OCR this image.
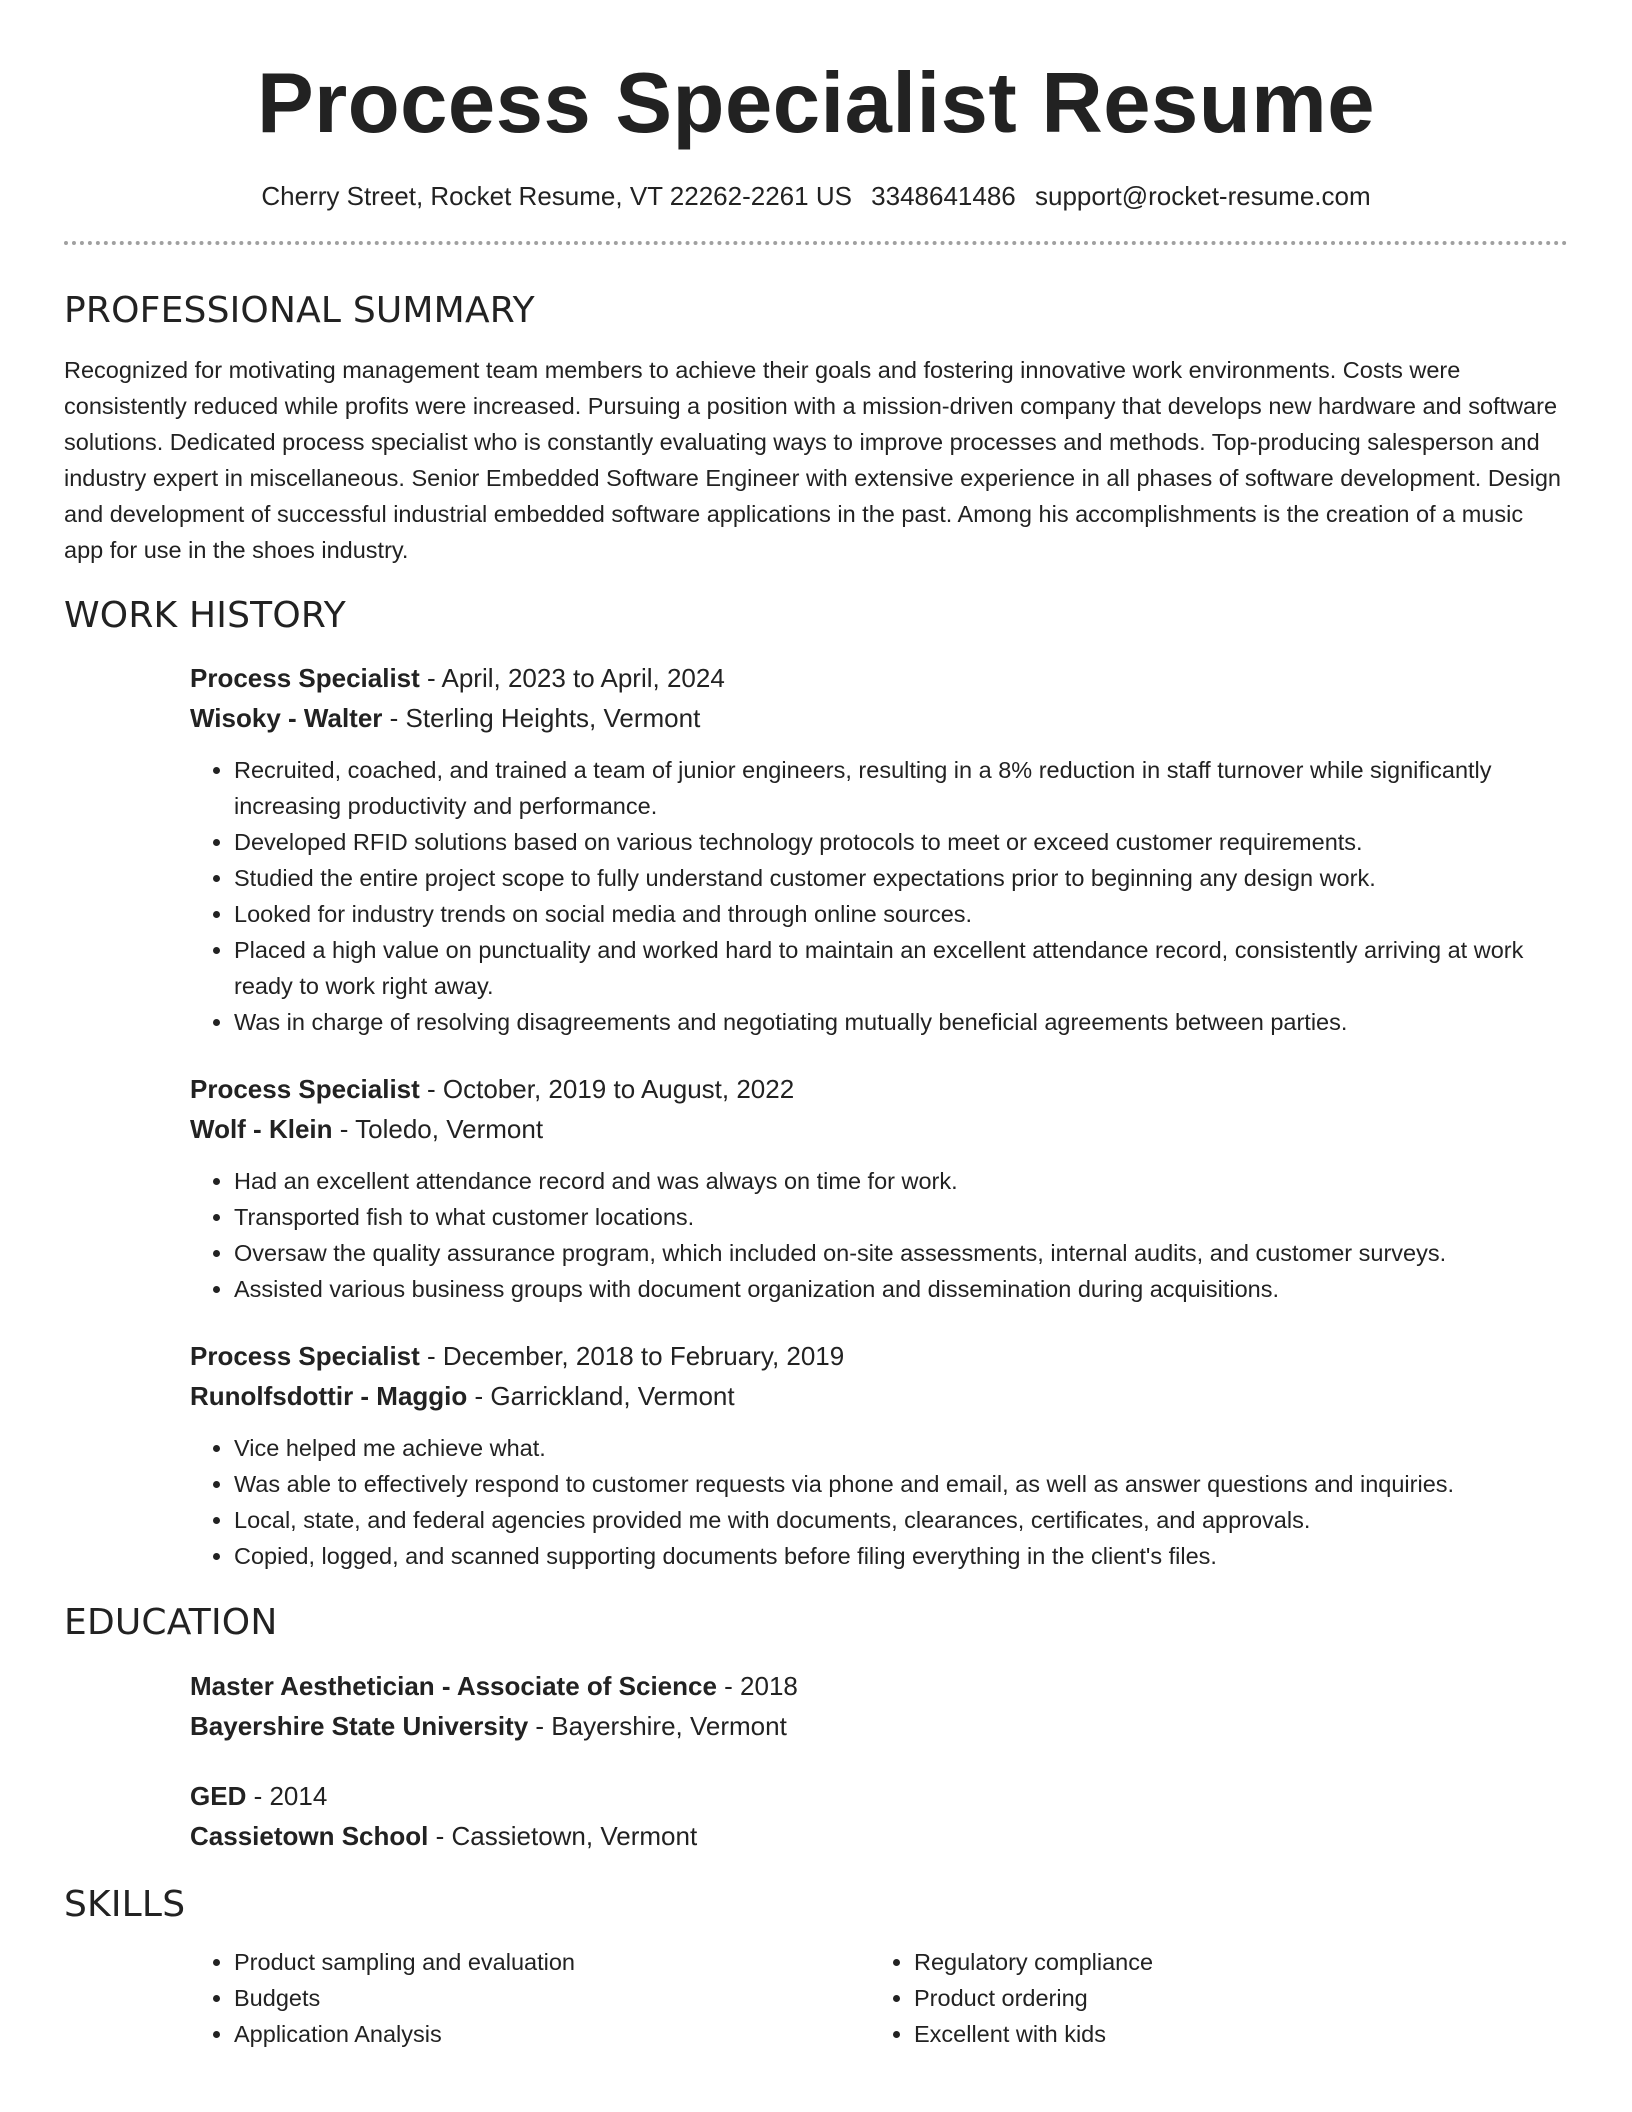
Process Specialist Resume
Cherry Street, Rocket Resume, VT 22262-2261 US 3348641486 support@rocket-resume.com
PROFESSIONAL SUMMARY

Recognized for motivating management team members to achieve their goals and fostering innovative work environments. Costs were consistently reduced while profits were increased. Pursuing a position with a mission-driven company that develops new hardware and software solutions. Dedicated process specialist who is constantly evaluating ways to improve processes and methods. Top-producing salesperson and industry expert in miscellaneous. Senior Embedded Software Engineer with extensive experience in all phases of software development. Design and development of successful industrial embedded software applications in the past. Among his accomplishments is the creation of a music app for use in the shoes industry.

WORK HISTORY
Process Specialist - April, 2023 to April, 2024
Wisoky - Walter - Sterling Heights, Vermont
• Recruited, coached, and trained a team of junior engineers, resulting in a 8% reduction in staff turnover while significantly increasing productivity and performance.
• Developed RFID solutions based on various technology protocols to meet or exceed customer requirements.
• Studied the entire project scope to fully understand customer expectations prior to beginning any design work.
• Looked for industry trends on social media and through online sources.
• Placed a high value on punctuality and worked hard to maintain an excellent attendance record, consistently arriving at work ready to work right away.
• Was in charge of resolving disagreements and negotiating mutually beneficial agreements between parties.
Process Specialist - October, 2019 to August, 2022
Wolf - Klein - Toledo, Vermont
• Had an excellent attendance record and was always on time for work.
• Transported fish to what customer locations.
• Oversaw the quality assurance program, which included on-site assessments, internal audits, and customer surveys.
• Assisted various business groups with document organization and dissemination during acquisitions.
Process Specialist - December, 2018 to February, 2019
Runolfsdottir - Maggio - Garrickland, Vermont
• Vice helped me achieve what.
• Was able to effectively respond to customer requests via phone and email, as well as answer questions and inquiries.
• Local, state, and federal agencies provided me with documents, clearances, certificates, and approvals.
• Copied, logged, and scanned supporting documents before filing everything in the client's files.
EDUCATION
Master Aesthetician - Associate of Science - 2018
Bayershire State University - Bayershire, Vermont
GED - 2014
Cassietown School - Cassietown, Vermont
SKILLS
• Product sampling and evaluation
• Budgets
• Application Analysis
• Regulatory compliance
• Product ordering
• Excellent with kids
